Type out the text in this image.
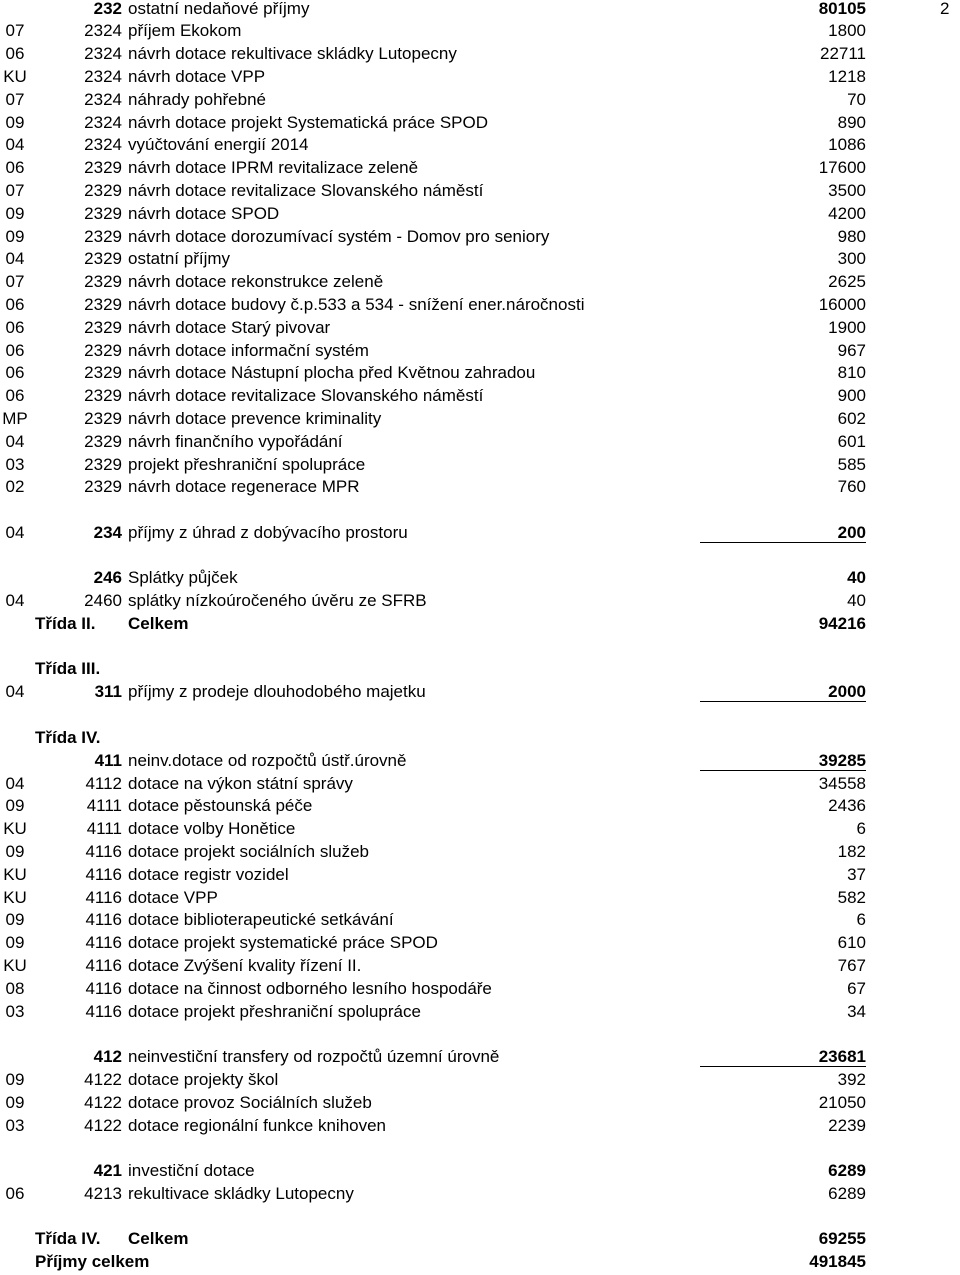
2
232 ostatní nedaňové příjmy	80105
07	2324 příjem Ekokom	1800
06	2324 návrh dotace rekultivace skládky Lutopecny	22711
KU	2324 návrh dotace VPP	1218
07	2324 náhrady pohřebné	70
09	2324 návrh dotace projekt Systematická práce SPOD	890
04	2324 vyúčtování energií 2014	1086
06	2329 návrh dotace IPRM revitalizace zeleně	17600
07	2329 návrh dotace revitalizace Slovanského náměstí	3500
09	2329 návrh dotace SPOD	4200
09	2329 návrh dotace dorozumívací systém - Domov pro seniory	980
04	2329 ostatní příjmy	300
07	2329 návrh dotace rekonstrukce zeleně	2625
06	2329 návrh dotace budovy č.p.533 a 534 - snížení ener.náročnosti	16000
06	2329 návrh dotace Starý pivovar	1900
06	2329 návrh dotace informační systém	967
06	2329 návrh dotace Nástupní plocha před Květnou zahradou	810
06	2329 návrh dotace revitalizace Slovanského náměstí	900
MP	2329 návrh dotace prevence kriminality	602
04	2329 návrh finančního vypořádání	601
03	2329 projekt přeshraniční spolupráce	585
02	2329 návrh dotace regenerace MPR	760
04	234 příjmy z úhrad z dobývacího prostoru	200
246 Splátky půjček	40
04	2460 splátky nízkoúročeného úvěru ze SFRB	40
Třída II. Celkem	94216
Třída III.
04	311 příjmy z prodeje dlouhodobého majetku	2000
Třída IV.
411 neinv.dotace od rozpočtů ústř.úrovně	39285
04	4112 dotace na výkon státní správy	34558
09	4111 dotace pěstounská péče	2436
KU	4111 dotace volby Honětice	6
09	4116 dotace projekt sociálních služeb	182
KU	4116 dotace registr vozidel	37
KU	4116 dotace VPP	582
09	4116 dotace biblioterapeutické setkávání	6
09	4116 dotace projekt systematické práce SPOD	610
KU	4116 dotace Zvýšení kvality řízení II.	767
08	4116 dotace na činnost odborného lesního hospodáře	67
03	4116 dotace projekt přeshraniční spolupráce	34
412 neinvestiční transfery od rozpočtů územní úrovně	23681
09	4122 dotace projekty škol	392
09	4122 dotace provoz Sociálních služeb	21050
03	4122 dotace regionální funkce knihoven	2239
421 investiční dotace	6289
06	4213 rekultivace skládky Lutopecny	6289
Třída IV. Celkem	69255
Příjmy celkem	491845
